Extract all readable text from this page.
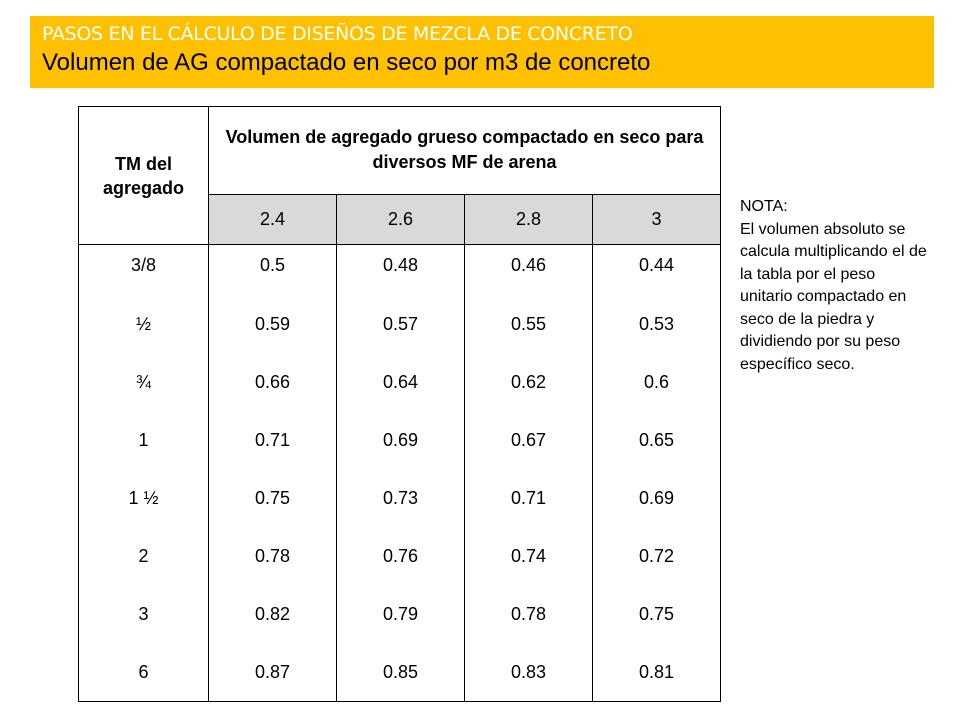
PASOS EN EL CÁLCULO DE DISEÑOS DE MEZCLA DE CONCRETO
Volumen de AG compactado en seco por m3 de concreto
TM del agregado	Volumen de agregado grueso compactado en seco para diversos MF de arena			
	2.4	2.6	2.8	3
3/8	0.5	0.48	0.46	0.44
½	0.59	0.57	0.55	0.53
¾	0.66	0.64	0.62	0.6
1	0.71	0.69	0.67	0.65
1 ½	0.75	0.73	0.71	0.69
2	0.78	0.76	0.74	0.72
3	0.82	0.79	0.78	0.75
6	0.87	0.85	0.83	0.81
NOTA:
El volumen absoluto se calcula multiplicando el de la tabla por el peso unitario compactado en seco de la piedra y dividiendo por su peso específico seco.
